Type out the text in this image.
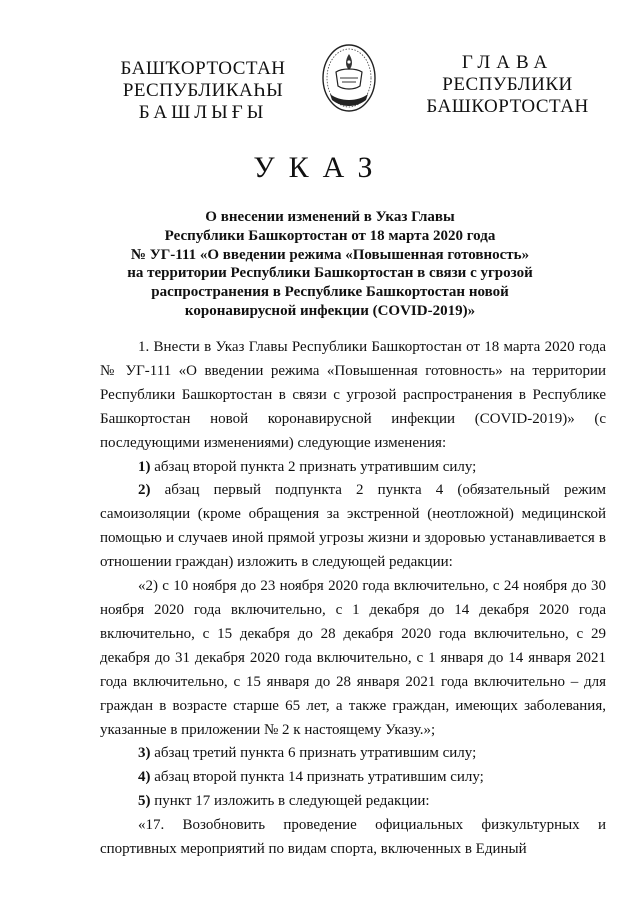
БАШҠОРТОСТАН
РЕСПУБЛИКАҺЫ
БАШЛЫҒЫ
ГЛАВА
РЕСПУБЛИКИ
БАШКОРТОСТАН
УКАЗ
О внесении изменений в Указ Главы
Республики Башкортостан от 18 марта 2020 года
№ УГ-111 «О введении режима «Повышенная готовность»
на территории Республики Башкортостан в связи с угрозой
распространения в Республике Башкортостан новой
коронавирусной инфекции (COVID-2019)»

1. Внести в Указ Главы Республики Башкортостан от 18 марта 2020 года № УГ-111 «О введении режима «Повышенная готовность» на территории Республики Башкортостан в связи с угрозой распространения в Республике Башкортостан новой коронавирусной инфекции (COVID-2019)» (с последующими изменениями) следующие изменения:

1) абзац второй пункта 2 признать утратившим силу;

2) абзац первый подпункта 2 пункта 4 (обязательный режим самоизоляции (кроме обращения за экстренной (неотложной) медицинской помощью и случаев иной прямой угрозы жизни и здоровью устанавливается в отношении граждан) изложить в следующей редакции:

«2) с 10 ноября до 23 ноября 2020 года включительно, с 24 ноября до 30 ноября 2020 года включительно, с 1 декабря до 14 декабря 2020 года включительно, с 15 декабря до 28 декабря 2020 года включительно, с 29 декабря до 31 декабря 2020 года включительно, с 1 января до 14 января 2021 года включительно, с 15 января до 28 января 2021 года включительно – для граждан в возрасте старше 65 лет, а также граждан, имеющих заболевания, указанные в приложении № 2 к настоящему Указу.»;

3) абзац третий пункта 6 признать утратившим силу;

4) абзац второй пункта 14 признать утратившим силу;

5) пункт 17 изложить в следующей редакции:

«17. Возобновить проведение официальных физкультурных и спортивных мероприятий по видам спорта, включенных в Единый
